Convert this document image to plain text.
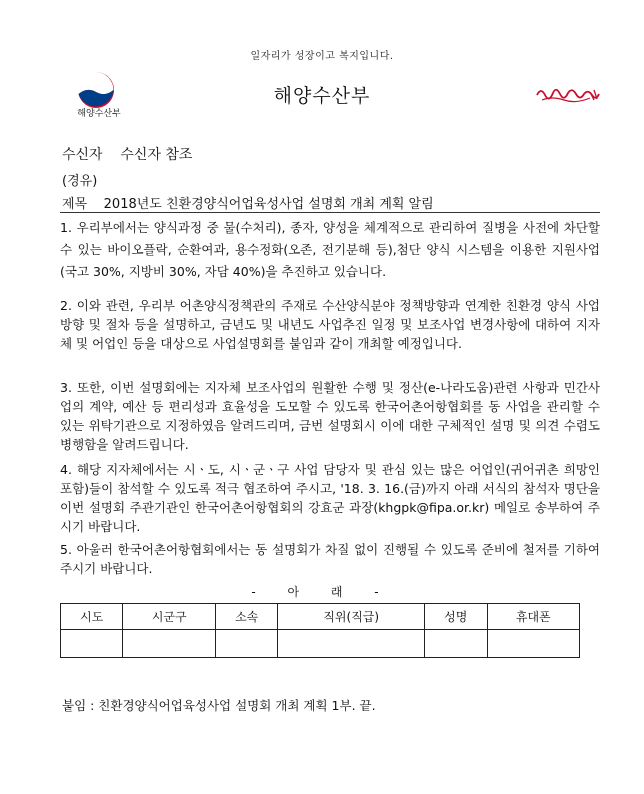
일자리가 성장이고 복지입니다.
해양수산부
해양수산부
수신자 수신자 참조
(경유)
제목 2018년도 친환경양식어업육성사업 설명회 개최 계획 알림
1. 우리부에서는 양식과정 중 물(수처리), 종자, 양성을 체계적으로 관리하여 질병을 사전에 차단할 수 있는 바이오플락, 순환여과, 용수정화(오존, 전기분해 등),첨단 양식 시스템을 이용한 지원사업(국고 30%, 지방비 30%, 자담 40%)을 추진하고 있습니다.
2. 이와 관련, 우리부 어촌양식정책관의 주재로 수산양식분야 정책방향과 연계한 친환경 양식 사업방향 및 절차 등을 설명하고, 금년도 및 내년도 사업추진 일정 및 보조사업 변경사항에 대하여 지자체 및 어업인 등을 대상으로 사업설명회를 붙임과 같이 개최할 예정입니다.
3. 또한, 이번 설명회에는 지자체 보조사업의 원활한 수행 및 정산(e-나라도움)관련 사항과 민간사업의 계약, 예산 등 편리성과 효율성을 도모할 수 있도록 한국어촌어항협회를 동 사업을 관리할 수 있는 위탁기관으로 지정하였음 알려드리며, 금번 설명회시 이에 대한 구체적인 설명 및 의견 수렴도 병행함을 알려드립니다.
4. 해당 지자체에서는 시ㆍ도, 시ㆍ군ㆍ구 사업 담당자 및 관심 있는 많은 어업인(귀어귀촌 희망인 포함)들이 참석할 수 있도록 적극 협조하여 주시고, '18. 3. 16.(금)까지 아래 서식의 참석자 명단을 이번 설명회 주관기관인 한국어촌어항협회의 강효군 과장(khgpk@fipa.or.kr) 메일로 송부하여 주시기 바랍니다.
5. 아울러 한국어촌어항협회에서는 동 설명회가 차질 없이 진행될 수 있도록 준비에 철저를 기하여 주시기 바랍니다.
- 아 래 -
시도	시군구	소속	직위(직급)	성명	휴대폰

붙임 : 친환경양식어업육성사업 설명회 개최 계획 1부. 끝.
